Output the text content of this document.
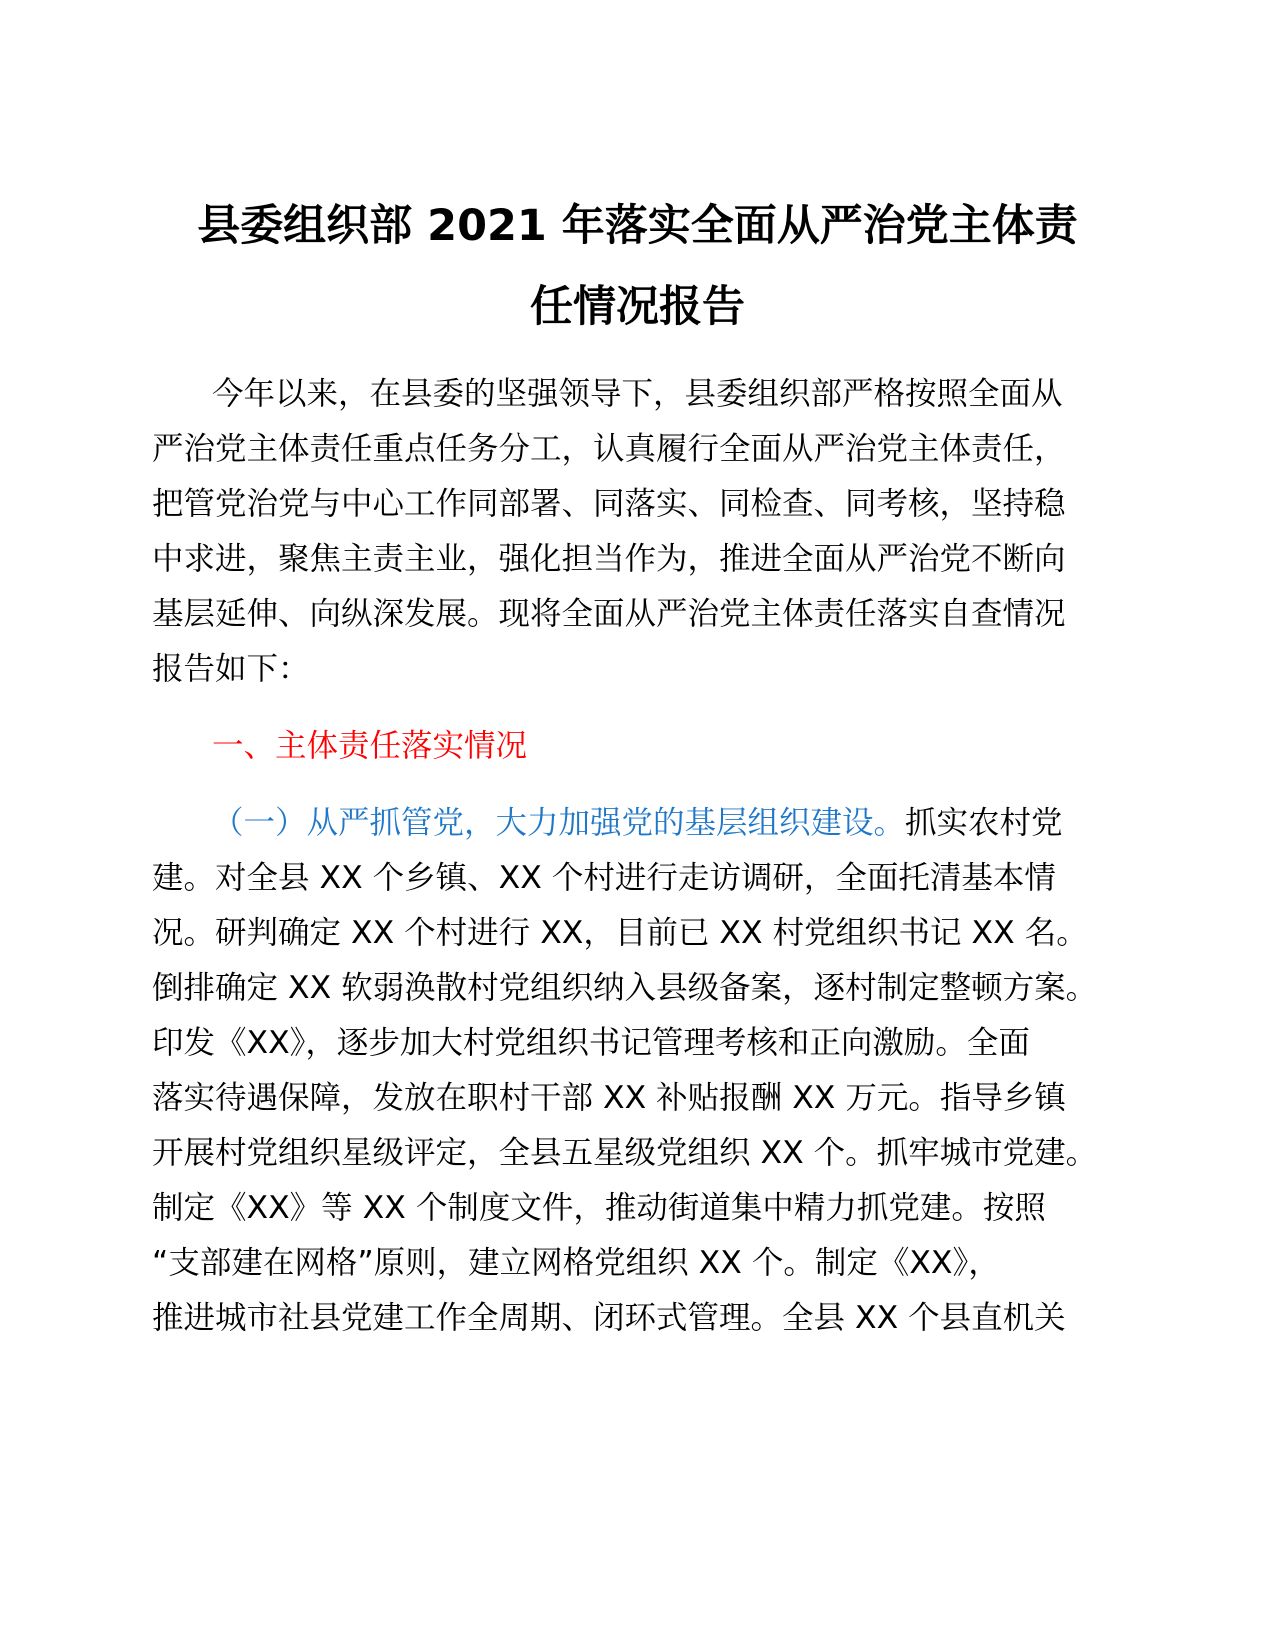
县委组织部 2021 年落实全面从严治党主体责
任情况报告
今年以来，在县委的坚强领导下，县委组织部严格按照全面从
严治党主体责任重点任务分工，认真履行全面从严治党主体责任，
把管党治党与中心工作同部署、同落实、同检查、同考核，坚持稳
中求进，聚焦主责主业，强化担当作为，推进全面从严治党不断向
基层延伸、向纵深发展。现将全面从严治党主体责任落实自查情况
报告如下：
一、主体责任落实情况
（一）从严抓管党，大力加强党的基层组织建设。抓实农村党
建。对全县 XX 个乡镇、XX 个村进行走访调研，全面托清基本情
况。研判确定 XX 个村进行 XX，目前已 XX 村党组织书记 XX 名。
倒排确定 XX 软弱涣散村党组织纳入县级备案，逐村制定整顿方案。
印发《XX》，逐步加大村党组织书记管理考核和正向激励。全面
落实待遇保障，发放在职村干部 XX 补贴报酬 XX 万元。指导乡镇
开展村党组织星级评定，全县五星级党组织 XX 个。抓牢城市党建。
制定《XX》等 XX 个制度文件，推动街道集中精力抓党建。按照
“支部建在网格”原则，建立网格党组织 XX 个。制定《XX》，
推进城市社县党建工作全周期、闭环式管理。全县 XX 个县直机关
